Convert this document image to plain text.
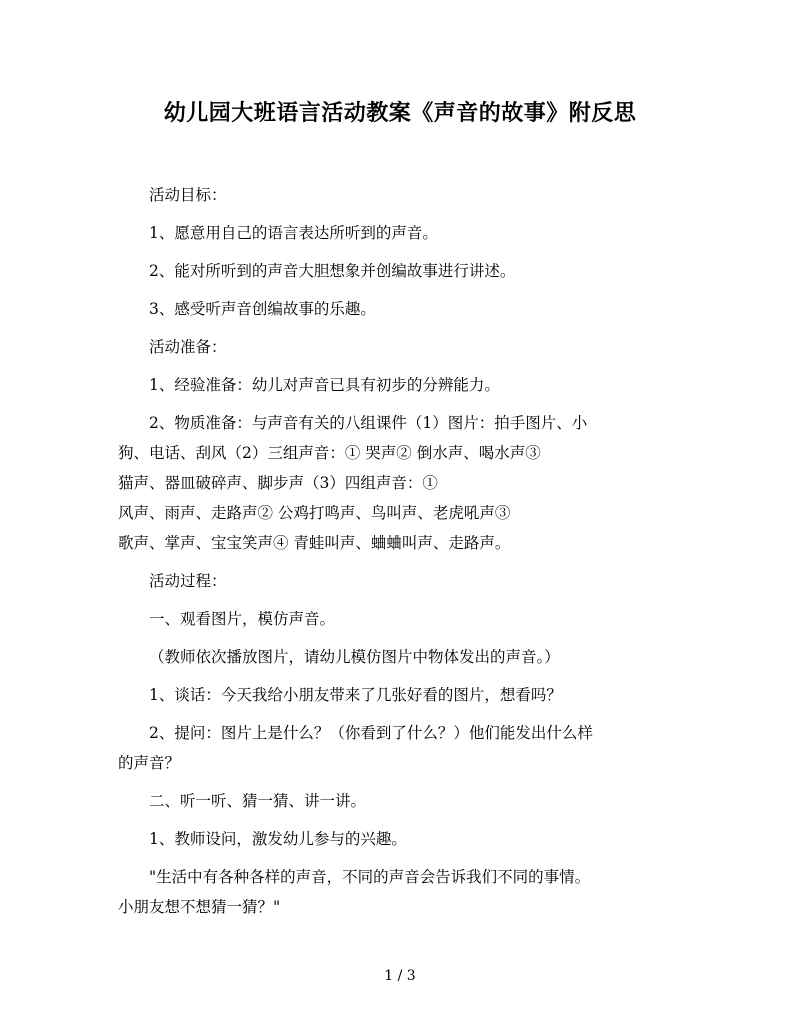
幼儿园大班语言活动教案《声音的故事》附反思

活动目标：

1、愿意用自己的语言表达所听到的声音。

2、能对所听到的声音大胆想象并创编故事进行讲述。

3、感受听声音创编故事的乐趣。

活动准备：

1、经验准备：幼儿对声音已具有初步的分辨能力。

2、物质准备：与声音有关的八组课件（1）图片：拍手图片、小
狗、电话、刮风（2）三组声音：① 哭声② 倒水声、喝水声③
猫声、器皿破碎声、脚步声（3）四组声音：①
风声、雨声、走路声② 公鸡打鸣声、鸟叫声、老虎吼声③
歌声、掌声、宝宝笑声④ 青蛙叫声、蛐蛐叫声、走路声。

活动过程：

一、观看图片，模仿声音。

（教师依次播放图片，请幼儿模仿图片中物体发出的声音。）

1、谈话：今天我给小朋友带来了几张好看的图片，想看吗？

2、提问：图片上是什么？（你看到了什么？）他们能发出什么样
的声音？

二、听一听、猜一猜、讲一讲。

1、教师设问，激发幼儿参与的兴趣。

"生活中有各种各样的声音，不同的声音会告诉我们不同的事情。
小朋友想不想猜一猜？"
1 / 3
